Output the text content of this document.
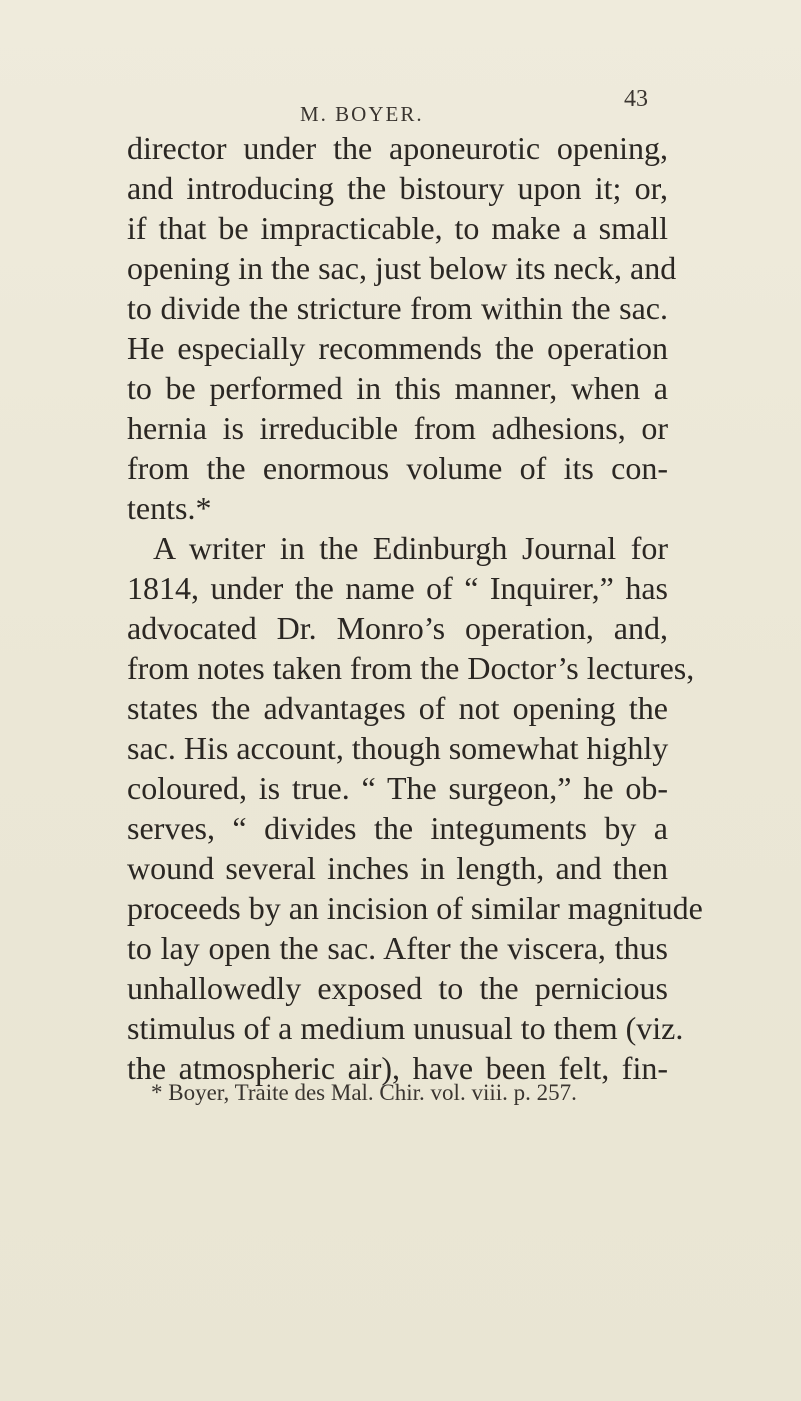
M. BOYER.
43
director under the aponeurotic opening,
and introducing the bistoury upon it; or,
if that be impracticable, to make a small
opening in the sac, just below its neck, and
to divide the stricture from within the sac.
He especially recommends the operation
to be performed in this manner, when a
hernia is irreducible from adhesions, or
from the enormous volume of its con-
tents.*
A writer in the Edinburgh Journal for
1814, under the name of “ Inquirer,” has
advocated Dr. Monro’s operation, and,
from notes taken from the Doctor’s lectures,
states the advantages of not opening the
sac. His account, though somewhat highly
coloured, is true. “ The surgeon,” he ob-
serves, “ divides the integuments by a
wound several inches in length, and then
proceeds by an incision of similar magnitude
to lay open the sac. After the viscera, thus
unhallowedly exposed to the pernicious
stimulus of a medium unusual to them (viz.
the atmospheric air), have been felt, fin-
* Boyer, Traite des Mal. Chir. vol. viii. p. 257.
